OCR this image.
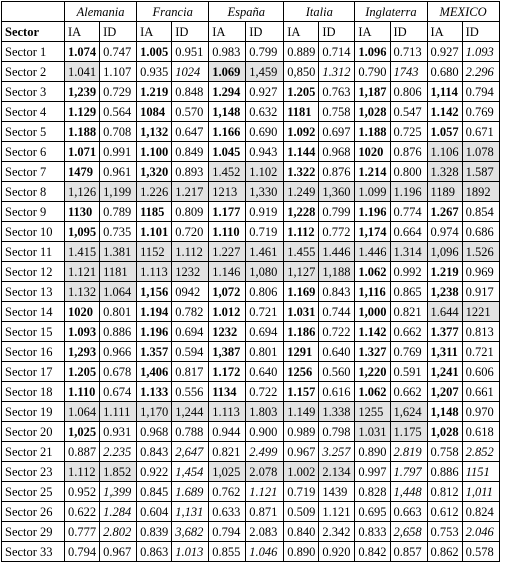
	Alemania		Francia		España		Italia		Inglaterra		MEXICO	
Sector	IA	ID	IA	ID	IA	ID	IA	ID	IA	ID	IA	ID
Sector 1	1.074	0.747	1.005	0.951	0.983	0.799	0.889	0.714	1.096	0.713	0.927	1.093
Sector 2	1.041	1.107	0.935	1024	1.069	1,459	0,850	1.312	0.790	1743	0.680	2.296
Sector 3	1,239	0.729	1.219	0.848	1.294	0.927	1.205	0.763	1,187	0.806	1,114	0.794
Sector 4	1.129	0.564	1084	0.570	1,148	0.632	1181	0.758	1,028	0.547	1.142	0.769
Sector 5	1.188	0.708	1,132	0.647	1.166	0.690	1.092	0.697	1.188	0.725	1.057	0.671
Sector 6	1.071	0.991	1.100	0.849	1.045	0.943	1.144	0.968	1020	0.876	1.106	1.078
Sector 7	1479	0.961	1,320	0.893	1.452	1.102	1.322	0.876	1.214	0.800	1.328	1.587
Sector 8	1,126	1,199	1.226	1.217	1213	1,330	1.249	1,360	1.099	1.196	1189	1892
Sector 9	1130	0.789	1185	0.809	1.177	0.919	1,228	0.799	1.196	0.774	1.267	0.854
Sector 10	1,095	0.735	1.101	0.720	1.110	0.719	1.112	0.772	1,174	0.664	0.974	0.686
Sector 11	1.415	1.381	1152	1.112	1.227	1.461	1.455	1.446	1.446	1.314	1,096	1.526
Sector 12	1.121	1181	1.113	1232	1.146	1,080	1,127	1,188	1.062	0.992	1.219	0.969
Sector 13	1.132	1.064	1,156	0942	1,072	0.806	1.169	0.843	1,116	0.865	1,238	0.917
Sector 14	1020	0.801	1.194	0.782	1.012	0.721	1.031	0.744	1,000	0.821	1.644	1221
Sector 15	1.093	0.886	1.196	0.694	1232	0.694	1.186	0.722	1.142	0.662	1.377	0.813
Sector 16	1,293	0.966	1.357	0.594	1,387	0.801	1291	0.640	1.327	0.769	1,311	0.721
Sector 17	1.205	0.678	1,406	0.817	1.172	0.640	1256	0.560	1,220	0.591	1,241	0.606
Sector 18	1.110	0.674	1.133	0.556	1134	0.722	1.157	0.616	1.062	0.662	1,207	0.661
Sector 19	1.064	1.111	1,170	1,244	1.113	1.803	1.149	1.338	1255	1,624	1,148	0.970
Sector 20	1,025	0.931	0.968	0.788	0.944	0.900	0.989	0.798	1.031	1.175	1,028	0.618
Sector 21	0.887	2.235	0.843	2,647	0.821	2.499	0.967	3.257	0.890	2.819	0.758	2.852
Sector 23	1.112	1.852	0.922	1,454	1,025	2.078	1.002	2.134	0.997	1.797	0.886	1151
Sector 25	0.952	1,399	0.845	1.689	0.762	1.121	0.719	1439	0.828	1,448	0.812	1,011
Sector 26	0.622	1.284	0.604	1,131	0.633	0.871	0.509	1.121	0.695	0.663	0.612	0.824
Sector 29	0.777	2.802	0.839	3,682	0.794	2.083	0.840	2.342	0.833	2,658	0.753	2.046
Sector 33	0.794	0.967	0.863	1.013	0.855	1.046	0.890	0.920	0.842	0.857	0.862	0.578
